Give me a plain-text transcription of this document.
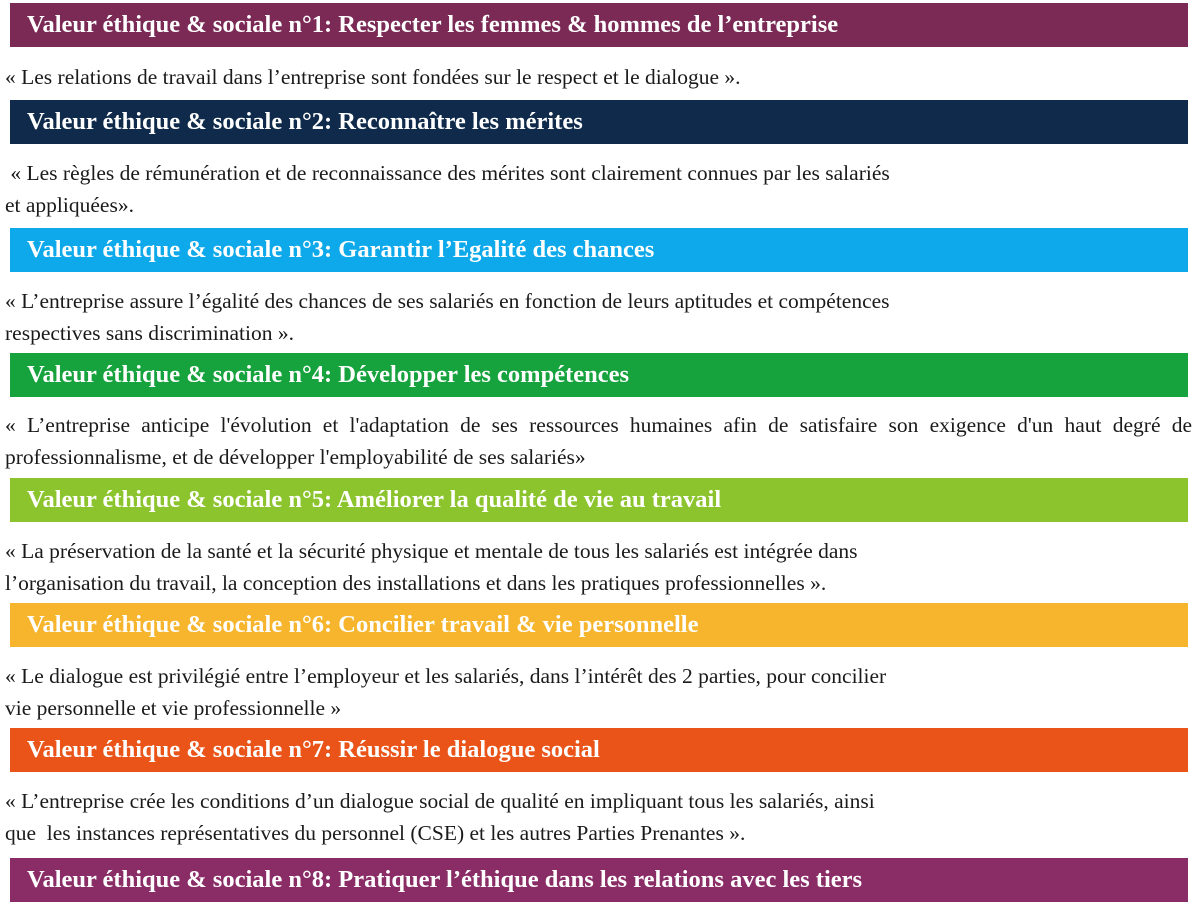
Valeur éthique & sociale n°1: Respecter les femmes & hommes de l’entreprise

« Les relations de travail dans l’entreprise sont fondées sur le respect et le dialogue ».

Valeur éthique & sociale n°2: Reconnaître les mérites

« Les règles de rémunération et de reconnaissance des mérites sont clairement connues par les salariés
et appliquées».

Valeur éthique & sociale n°3: Garantir l’Egalité des chances

« L’entreprise assure l’égalité des chances de ses salariés en fonction de leurs aptitudes et compétences
respectives sans discrimination ».

Valeur éthique & sociale n°4: Développer les compétences

« L’entreprise anticipe l'évolution et l'adaptation de ses ressources humaines afin de satisfaire son exigence d'un haut degré de professionnalisme, et de développer l'employabilité de ses salariés»

Valeur éthique & sociale n°5: Améliorer la qualité de vie au travail

« La préservation de la santé et la sécurité physique et mentale de tous les salariés est intégrée dans
l’organisation du travail, la conception des installations et dans les pratiques professionnelles ».

Valeur éthique & sociale n°6: Concilier travail & vie personnelle

« Le dialogue est privilégié entre l’employeur et les salariés, dans l’intérêt des 2 parties, pour concilier
vie personnelle et vie professionnelle »

Valeur éthique & sociale n°7: Réussir le dialogue social

« L’entreprise crée les conditions d’un dialogue social de qualité en impliquant tous les salariés, ainsi
que  les instances représentatives du personnel (CSE) et les autres Parties Prenantes ».

Valeur éthique & sociale n°8: Pratiquer l’éthique dans les relations avec les tiers
